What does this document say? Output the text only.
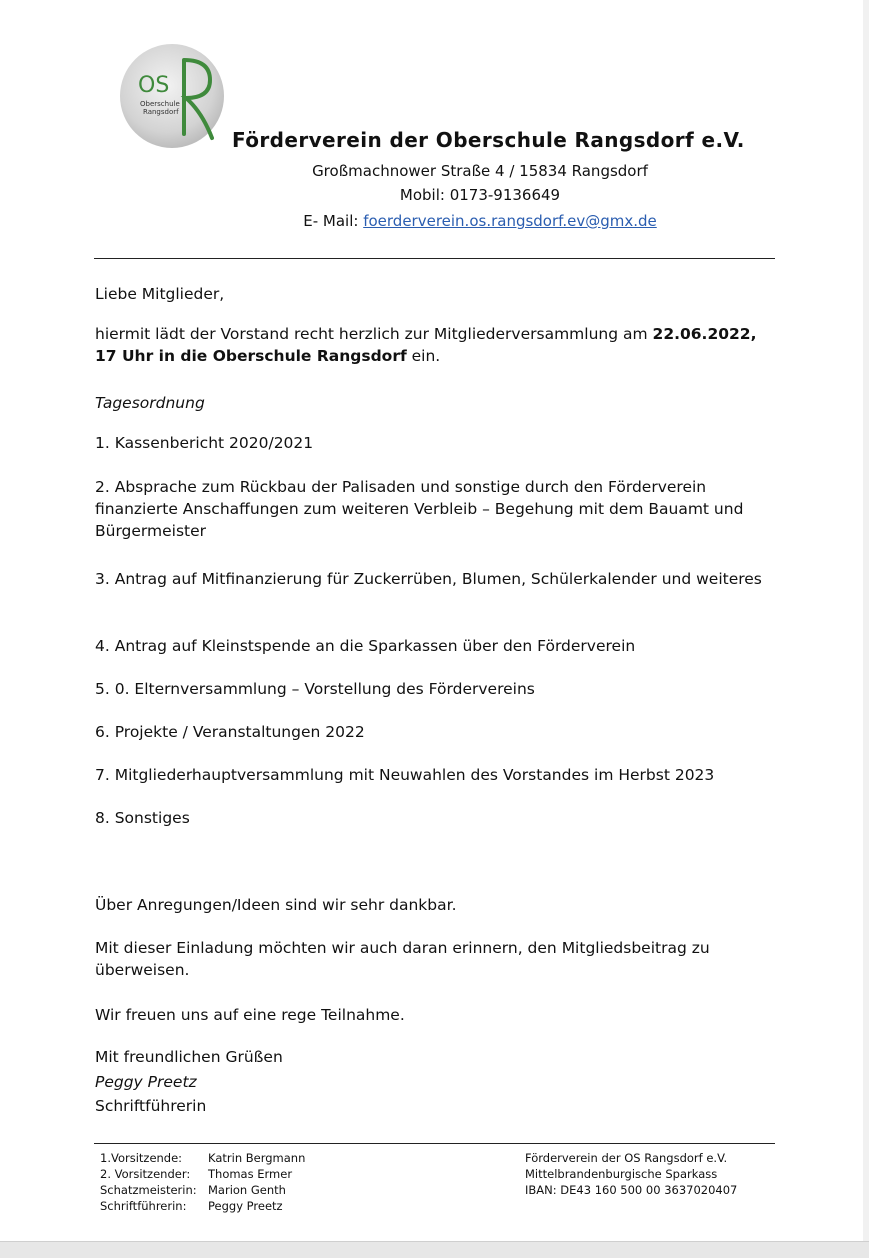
OS
Oberschule
Rangsdorf
Förderverein der Oberschule Rangsdorf e.V.
Großmachnower Straße 4 / 15834 Rangsdorf
Mobil: 0173-9136649
E- Mail: foerderverein.os.rangsdorf.ev@gmx.de
Liebe Mitglieder,
hiermit lädt der Vorstand recht herzlich zur Mitgliederversammlung am 22.06.2022, 17 Uhr in die Oberschule Rangsdorf ein.
Tagesordnung
1. Kassenbericht 2020/2021
2. Absprache zum Rückbau der Palisaden und sonstige durch den Förderverein finanzierte Anschaffungen zum weiteren Verbleib – Begehung mit dem Bauamt und Bürgermeister
3. Antrag auf Mitfinanzierung für Zuckerrüben, Blumen, Schülerkalender und weiteres
4. Antrag auf Kleinstspende an die Sparkassen über den Förderverein
5. 0. Elternversammlung – Vorstellung des Fördervereins
6. Projekte / Veranstaltungen 2022
7. Mitgliederhauptversammlung mit Neuwahlen des Vorstandes im Herbst 2023
8. Sonstiges
Über Anregungen/Ideen sind wir sehr dankbar.
Mit dieser Einladung möchten wir auch daran erinnern, den Mitgliedsbeitrag zu überweisen.
Wir freuen uns auf eine rege Teilnahme.
Mit freundlichen Grüßen
Peggy Preetz
Schriftführerin
1.Vorsitzende:	Katrin Bergmann
2. Vorsitzender:	Thomas Ermer
Schatzmeisterin: Marion Genth
Schriftführerin:	Peggy Preetz
Förderverein der OS Rangsdorf e.V.
Mittelbrandenburgische Sparkass
IBAN: DE43 160 500 00 3637020407
